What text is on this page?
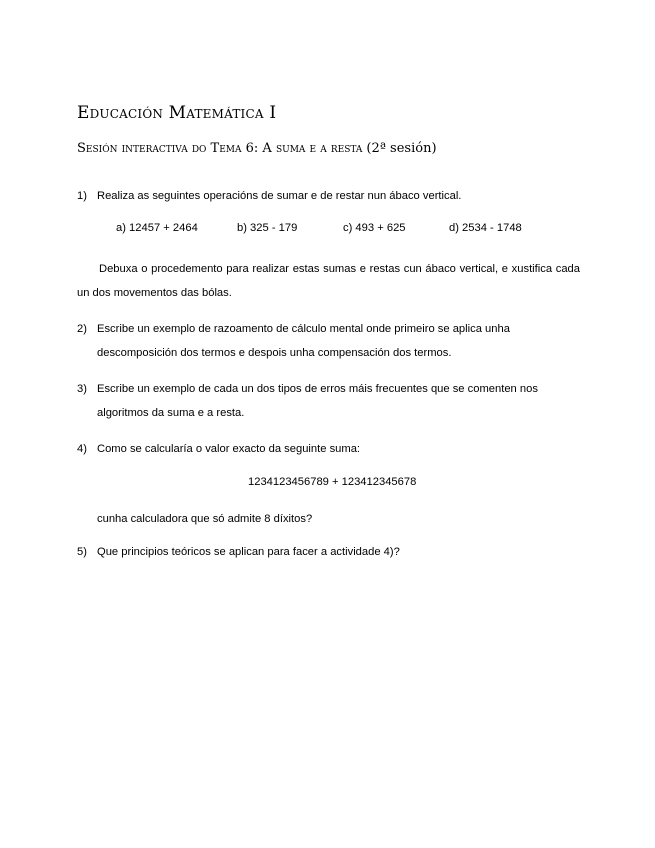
Educación Matemática I
Sesión interactiva do Tema 6: A suma e a resta (2ª sesión)
1) Realiza as seguintes operacións de sumar e de restar nun ábaco vertical.
a) 12457 + 2464	b) 325 - 179	c) 493 + 625	d) 2534 - 1748
Debuxa o procedemento para realizar estas sumas e restas cun ábaco vertical, e xustifica cada un dos movementos das bólas.
2) Escribe un exemplo de razoamento de cálculo mental onde primeiro se aplica unha descomposición dos termos e despois unha compensación dos termos.
3) Escribe un exemplo de cada un dos tipos de erros máis frecuentes que se comenten nos algoritmos da suma e a resta.
4) Como se calcularía o valor exacto da seguinte suma:
1234123456789 + 123412345678
cunha calculadora que só admite 8 díxitos?
5) Que principios teóricos se aplican para facer a actividade 4)?
